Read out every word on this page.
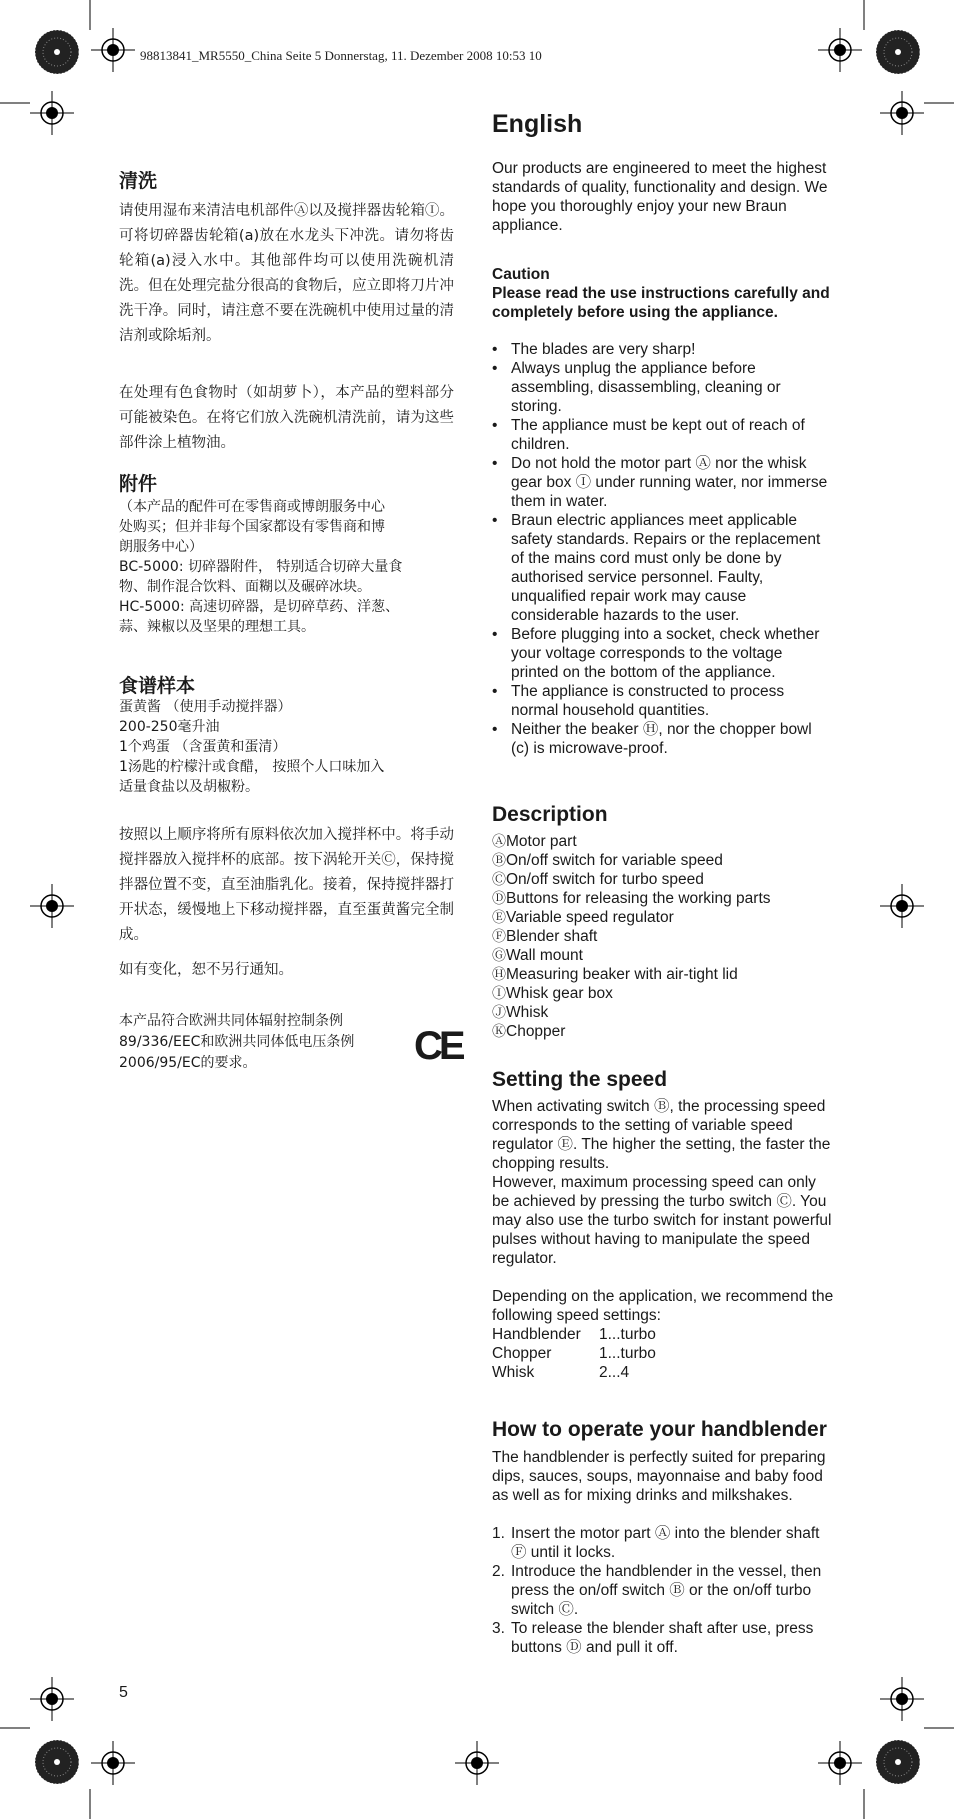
98813841_MR5550_China Seite 5 Donnerstag, 11. Dezember 2008 10:53 10
清洗

请使用湿布来清洁电机部件Ⓐ以及搅拌器齿轮箱Ⓘ。可将切碎器齿轮箱(a)放在水龙头下冲洗。请勿将齿轮箱(a)浸入水中。其他部件均可以使用洗碗机清洗。但在处理完盐分很高的食物后，应立即将刀片冲洗干净。同时，请注意不要在洗碗机中使用过量的清洁剂或除垢剂。

在处理有色食物时（如胡萝卜），本产品的塑料部分可能被染色。在将它们放入洗碗机清洗前，请为这些部件涂上植物油。

附件
（本产品的配件可在零售商或博朗服务中心
处购买；但并非每个国家都设有零售商和博
朗服务中心）
BC-5000: 切碎器附件， 特别适合切碎大量食
物、制作混合饮料、面糊以及碾碎冰块。
HC-5000: 高速切碎器，是切碎草药、洋葱、
蒜、辣椒以及坚果的理想工具。
食谱样本
蛋黄酱 （使用手动搅拌器）
200-250毫升油
1个鸡蛋 （含蛋黄和蛋清）
1汤匙的柠檬汁或食醋， 按照个人口味加入
适量食盐以及胡椒粉。

按照以上顺序将所有原料依次加入搅拌杯中。将手动搅拌器放入搅拌杯的底部。按下涡轮开关Ⓒ，保持搅拌器位置不变，直至油脂乳化。接着，保持搅拌器打开状态，缓慢地上下移动搅拌器，直至蛋黄酱完全制成。

如有变化，恕不另行通知。

本产品符合欧洲共同体辐射控制条例
89/336/EEC和欧洲共同体低电压条例
2006/95/EC的要求。	CE
English

Our products are engineered to meet the highest standards of quality, functionality and design. We hope you thoroughly enjoy your new Braun appliance.

Caution

Please read the use instructions carefully and completely before using the appliance.

• The blades are very sharp!
• Always unplug the appliance before assembling, disassembling, cleaning or storing.
• The appliance must be kept out of reach of children.
• Do not hold the motor part Ⓐ nor the whisk gear box Ⓘ under running water, nor immerse them in water.
• Braun electric appliances meet applicable safety standards. Repairs or the replacement of the mains cord must only be done by authorised service personnel. Faulty, unqualified repair work may cause considerable hazards to the user.
• Before plugging into a socket, check whether your voltage corresponds to the voltage printed on the bottom of the appliance.
• The appliance is constructed to process normal household quantities.
• Neither the beaker Ⓗ, nor the chopper bowl (c) is microwave-proof.
Description
ⒶMotor part
ⒷOn/off switch for variable speed
ⒸOn/off switch for turbo speed
ⒹButtons for releasing the working parts
ⒺVariable speed regulator
ⒻBlender shaft
ⒼWall mount
ⒽMeasuring beaker with air-tight lid
ⒾWhisk gear box
ⒿWhisk
ⓀChopper
Setting the speed

When activating switch Ⓑ, the processing speed corresponds to the setting of variable speed regulator Ⓔ. The higher the setting, the faster the chopping results.

However, maximum processing speed can only be achieved by pressing the turbo switch Ⓒ. You may also use the turbo switch for instant powerful pulses without having to manipulate the speed regulator.

Depending on the application, we recommend the following speed settings:

Handblender	1...turbo
Chopper	1...turbo
Whisk	2...4
How to operate your handblender

The handblender is perfectly suited for preparing dips, sauces, soups, mayonnaise and baby food as well as for mixing drinks and milkshakes.

1. Insert the motor part Ⓐ into the blender shaft Ⓕ until it locks.
2. Introduce the handblender in the vessel, then press the on/off switch Ⓑ or the on/off turbo switch Ⓒ.
3. To release the blender shaft after use, press buttons Ⓓ and pull it off.
5
